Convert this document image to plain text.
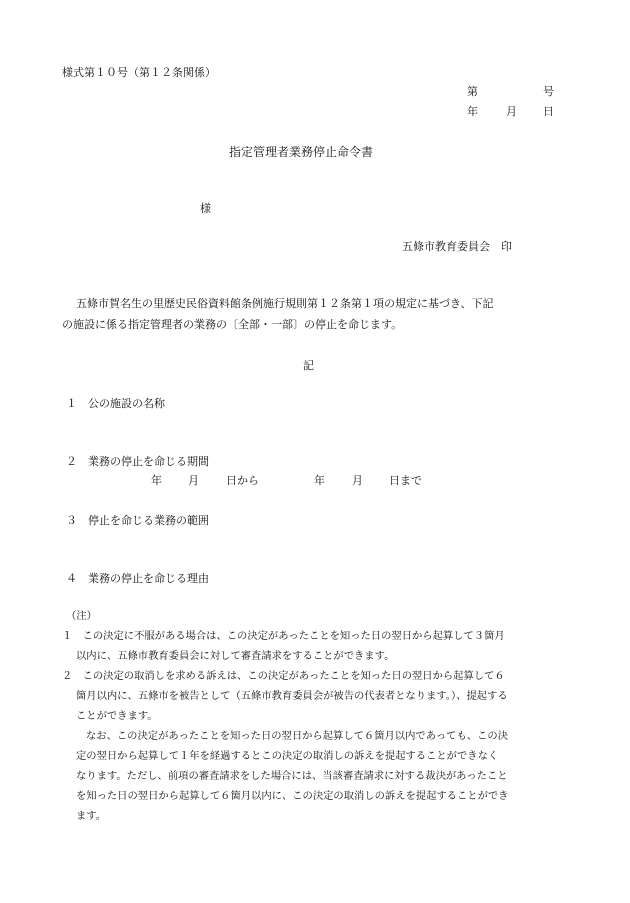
様式第１０号（第１２条関係）
第	号
年	月 日
指定管理者業務停止命令書
様
五條市教育委員会　印
五條市賀名生の里歴史民俗資料館条例施行規則第１２条第１項の規定に基づき、下記
の施設に係る指定管理者の業務の〔全部・一部〕の停止を命じます。
記
１　公の施設の名称
２　業務の停止を命じる期間
年 月 日から	年 月 日まで
３　停止を命じる業務の範囲
４　業務の停止を命じる理由
（注）
１　この決定に不服がある場合は、この決定があったことを知った日の翌日から起算して３箇月
以内に、五條市教育委員会に対して審査請求をすることができます。
２　この決定の取消しを求める訴えは、この決定があったことを知った日の翌日から起算して６
箇月以内に、五條市を被告として（五條市教育委員会が被告の代表者となります。）、提起する
ことができます。
なお、この決定があったことを知った日の翌日から起算して６箇月以内であっても、この決
定の翌日から起算して１年を経過するとこの決定の取消しの訴えを提起することができなく
なります。ただし、前項の審査請求をした場合には、当該審査請求に対する裁決があったこと
を知った日の翌日から起算して６箇月以内に、この決定の取消しの訴えを提起することができ
ます。
